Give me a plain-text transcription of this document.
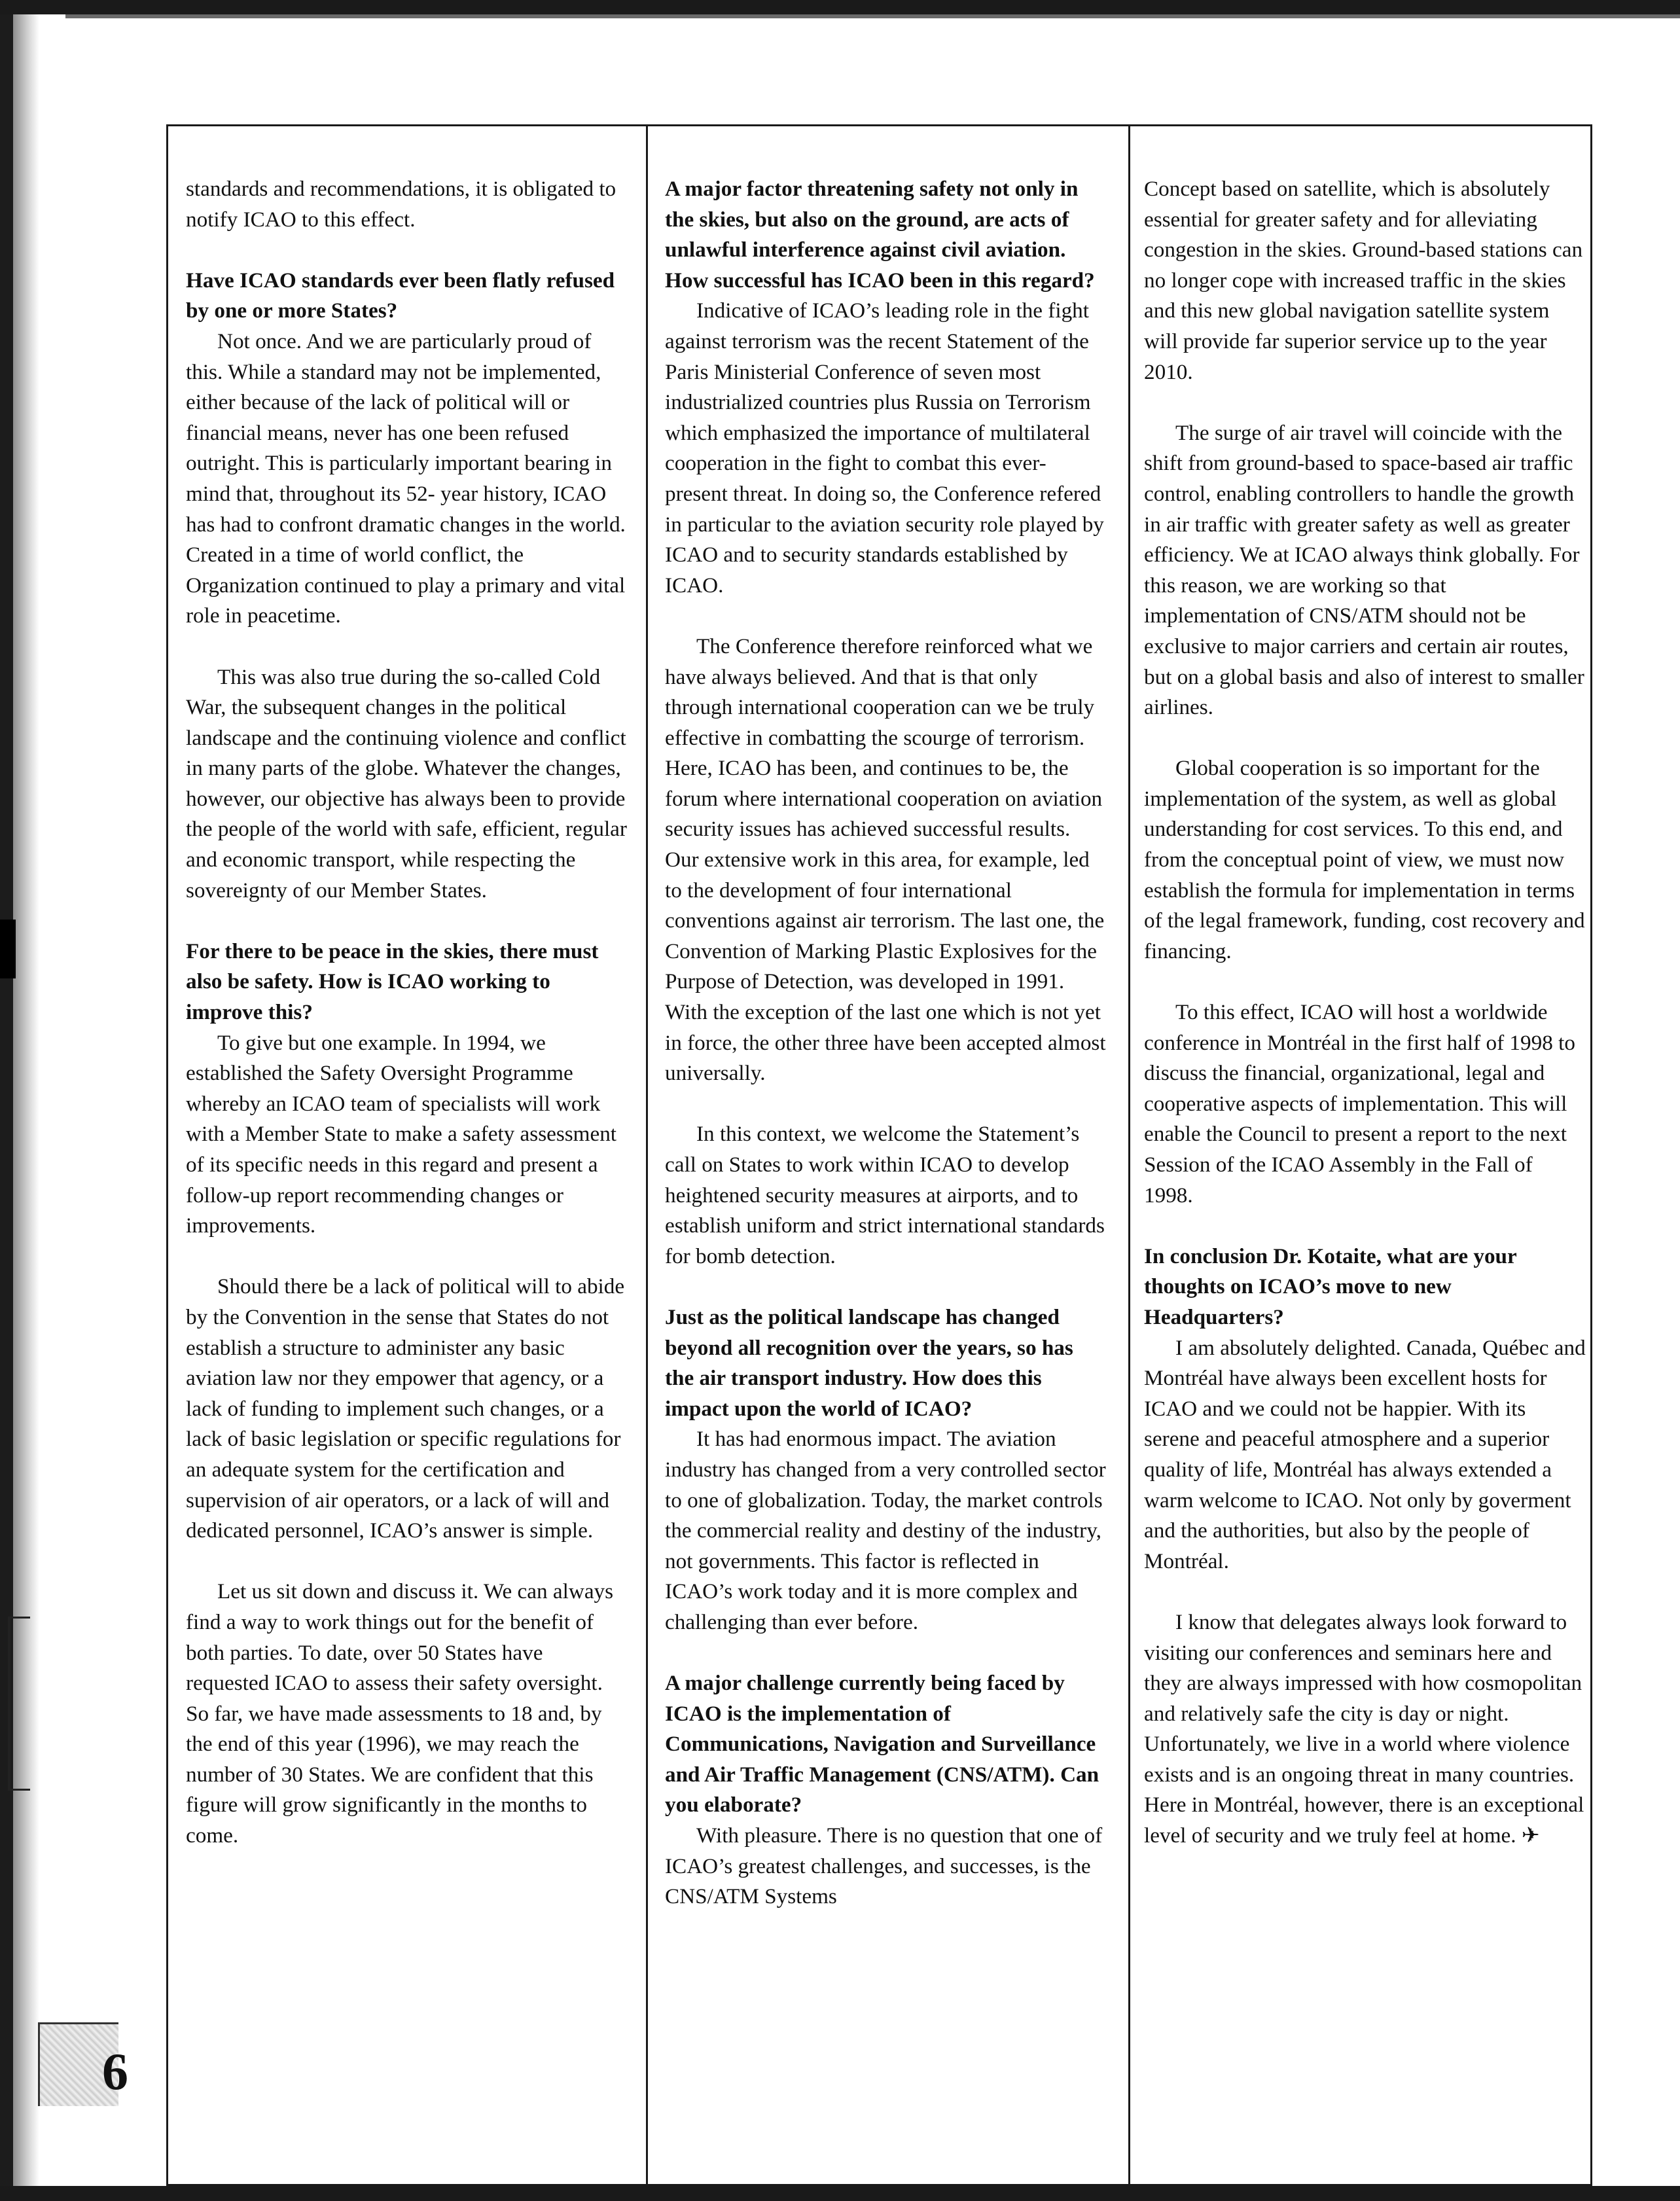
standards and recommendations, it is obligated to notify ICAO to this effect.

Have ICAO standards ever been flatly refused by one or more States?

Not once. And we are particularly proud of this. While a standard may not be implemented, either because of the lack of political will or financial means, never has one been refused outright. This is particularly important bearing in mind that, throughout its 52- year history, ICAO has had to confront dramatic changes in the world. Created in a time of world conflict, the Organization continued to play a primary and vital role in peacetime.

This was also true during the so-called Cold War, the subsequent changes in the political landscape and the continuing violence and conflict in many parts of the globe. Whatever the changes, however, our objective has always been to provide the people of the world with safe, efficient, regular and economic transport, while respecting the sovereignty of our Member States.

For there to be peace in the skies, there must also be safety. How is ICAO working to improve this?

To give but one example. In 1994, we established the Safety Oversight Programme whereby an ICAO team of specialists will work with a Member State to make a safety assessment of its specific needs in this regard and present a follow-up report recommending changes or improvements.

Should there be a lack of political will to abide by the Convention in the sense that States do not establish a structure to administer any basic aviation law nor they empower that agency, or a lack of funding to implement such changes, or a lack of basic legislation or specific regulations for an adequate system for the certification and supervision of air operators, or a lack of will and dedicated personnel, ICAO’s answer is simple.

Let us sit down and discuss it. We can always find a way to work things out for the benefit of both parties. To date, over 50 States have requested ICAO to assess their safety oversight. So far, we have made assessments to 18 and, by the end of this year (1996), we may reach the number of 30 States. We are confident that this figure will grow significantly in the months to come.

A major factor threatening safety not only in the skies, but also on the ground, are acts of unlawful interference against civil aviation. How successful has ICAO been in this regard?

Indicative of ICAO’s leading role in the fight against terrorism was the recent Statement of the Paris Ministerial Conference of seven most industrialized countries plus Russia on Terrorism which emphasized the importance of multilateral cooperation in the fight to combat this ever-present threat. In doing so, the Conference refered in particular to the aviation security role played by ICAO and to security standards established by ICAO.

The Conference therefore reinforced what we have always believed. And that is that only through international cooperation can we be truly effective in combatting the scourge of terrorism. Here, ICAO has been, and continues to be, the forum where international cooperation on aviation security issues has achieved successful results. Our extensive work in this area, for example, led to the development of four international conventions against air terrorism. The last one, the Convention of Marking Plastic Explosives for the Purpose of Detection, was developed in 1991. With the exception of the last one which is not yet in force, the other three have been accepted almost universally.

In this context, we welcome the Statement’s call on States to work within ICAO to develop heightened security measures at airports, and to establish uniform and strict international standards for bomb detection.

Just as the political landscape has changed beyond all recognition over the years, so has the air transport industry. How does this impact upon the world of ICAO?

It has had enormous impact. The aviation industry has changed from a very controlled sector to one of globalization. Today, the market controls the commercial reality and destiny of the industry, not governments. This factor is reflected in ICAO’s work today and it is more complex and challenging than ever before.

A major challenge currently being faced by ICAO is the implementation of Communications, Navigation and Surveillance and Air Traffic Management (CNS/ATM). Can you elaborate?

With pleasure. There is no question that one of ICAO’s greatest challenges, and successes, is the CNS/ATM Systems

Concept based on satellite, which is absolutely essential for greater safety and for alleviating congestion in the skies. Ground-based stations can no longer cope with increased traffic in the skies and this new global navigation satellite system will provide far superior service up to the year 2010.

The surge of air travel will coincide with the shift from ground-based to space-based air traffic control, enabling controllers to handle the growth in air traffic with greater safety as well as greater efficiency. We at ICAO always think globally. For this reason, we are working so that implementation of CNS/ATM should not be exclusive to major carriers and certain air routes, but on a global basis and also of interest to smaller airlines.

Global cooperation is so important for the implementation of the system, as well as global understanding for cost services. To this end, and from the conceptual point of view, we must now establish the formula for implementation in terms of the legal framework, funding, cost recovery and financing.

To this effect, ICAO will host a worldwide conference in Montréal in the first half of 1998 to discuss the financial, organizational, legal and cooperative aspects of implementation. This will enable the Council to present a report to the next Session of the ICAO Assembly in the Fall of 1998.

In conclusion Dr. Kotaite, what are your thoughts on ICAO’s move to new Headquarters?

I am absolutely delighted. Canada, Québec and Montréal have always been excellent hosts for ICAO and we could not be happier. With its serene and peaceful atmosphere and a superior quality of life, Montréal has always extended a warm welcome to ICAO. Not only by goverment and the authorities, but also by the people of Montréal.

I know that delegates always look forward to visiting our conferences and seminars here and they are always impressed with how cosmopolitan and relatively safe the city is day or night. Unfortunately, we live in a world where violence exists and is an ongoing threat in many countries. Here in Montréal, however, there is an exceptional level of security and we truly feel at home. ✈

6
